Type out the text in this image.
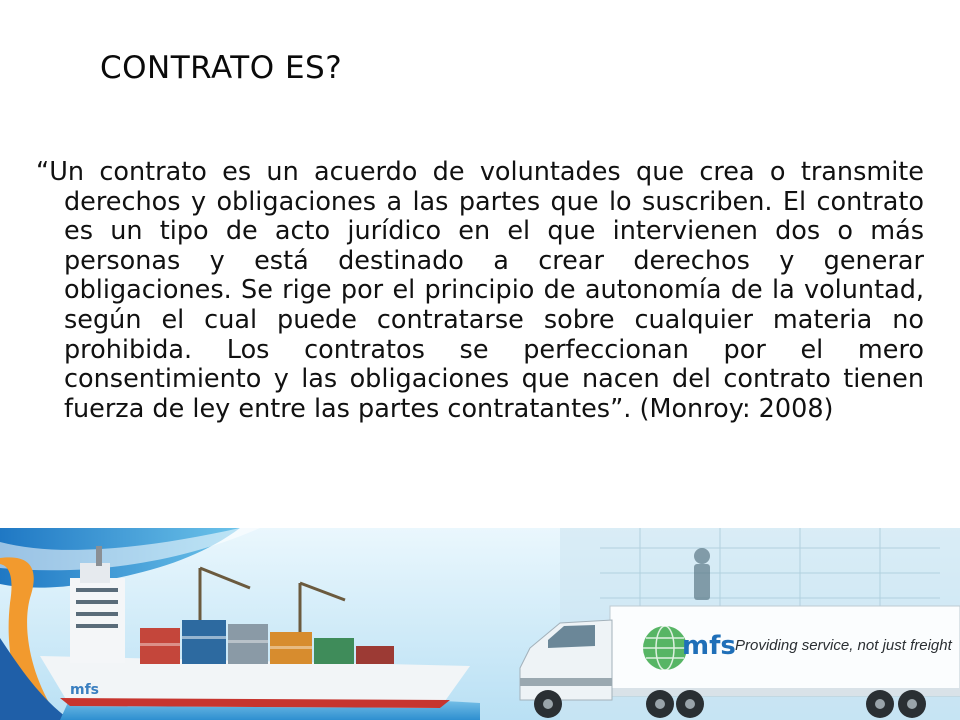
CONTRATO ES?

“Un contrato es un acuerdo de voluntades que crea o transmite derechos y obligaciones a las partes que lo suscriben. El contrato es un tipo de acto jurídico en el que intervienen dos o más personas y está destinado a crear derechos y generar obligaciones. Se rige por el principio de autonomía de la voluntad, según el cual puede contratarse sobre cualquier materia no prohibida. Los contratos se perfeccionan por el mero consentimiento y las obligaciones que nacen del contrato tienen fuerza de ley entre las partes contratantes”. (Monroy: 2008)

mfs
mfs Providing service, not just freight
